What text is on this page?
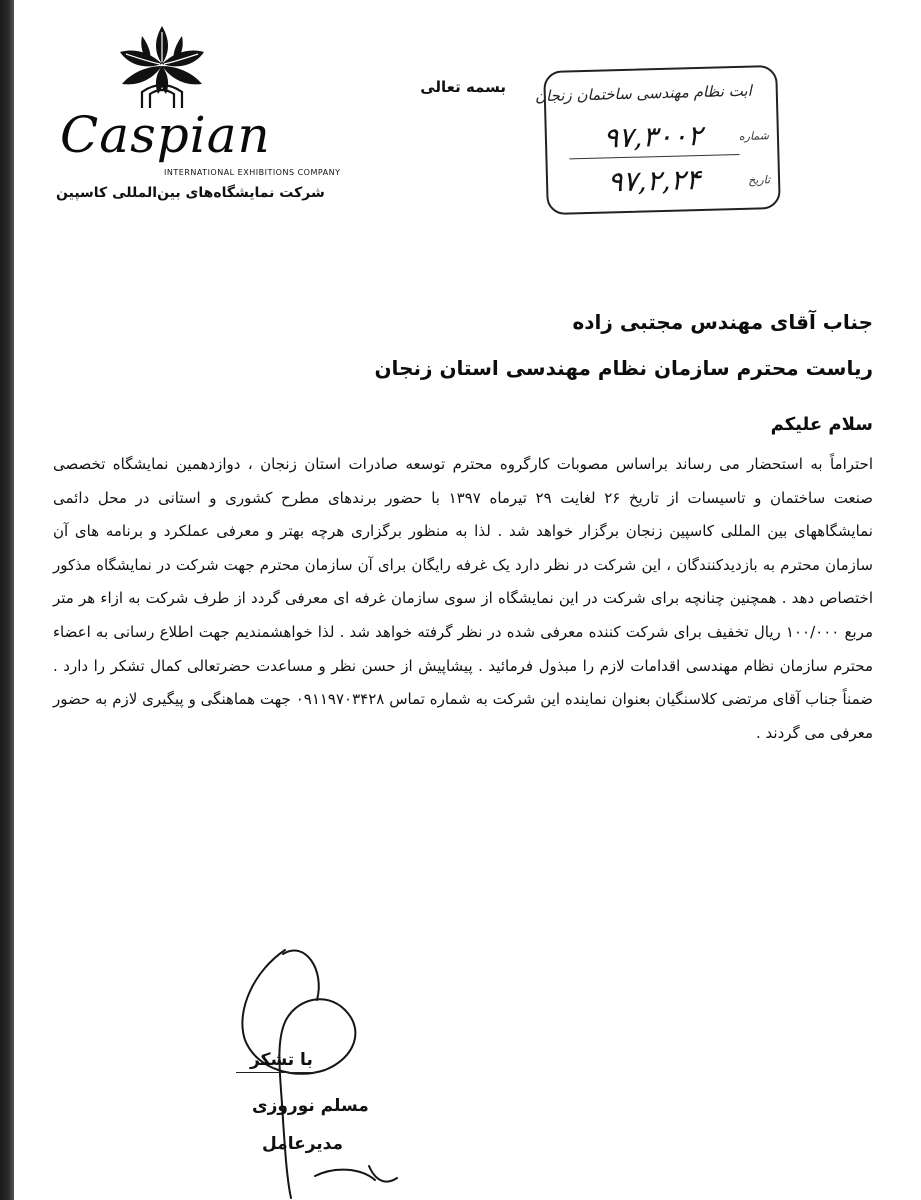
Caspian
INTERNATIONAL EXHIBITIONS COMPANY
شرکت نمایشگاه‌های بین‌المللی کاسپین
بسمه تعالی ابت نظام مهندسی ساختمان زنجان
شماره
۹۷,۳۰۰۲
تاریخ
۹۷,۲,۲۴
جناب آقای مهندس مجتبی زاده
ریاست محترم سازمان نظام مهندسی استان زنجان
سلام علیکم

احتراماً به استحضار می رساند براساس مصوبات کارگروه محترم توسعه صادرات استان زنجان ، دوازدهمین نمایشگاه تخصصی صنعت ساختمان و تاسیسات از تاریخ ۲۶ لغایت ۲۹ تیرماه ۱۳۹۷ با حضور برندهای مطرح کشوری و استانی در محل دائمی نمایشگاههای بین المللی کاسپین زنجان برگزار خواهد شد . لذا به منظور برگزاری هرچه بهتر و معرفی عملکرد و برنامه های آن سازمان محترم به بازدیدکنندگان ، این شرکت در نظر دارد یک غرفه رایگان برای آن سازمان محترم جهت شرکت در نمایشگاه مذکور اختصاص دهد . همچنین چنانچه برای شرکت در این نمایشگاه از سوی سازمان غرفه ای معرفی گردد از طرف شرکت به ازاء هر متر مربع ۱۰۰/۰۰۰ ریال تخفیف برای شرکت کننده معرفی شده در نظر گرفته خواهد شد . لذا خواهشمندیم جهت اطلاع رسانی به اعضاء محترم سازمان نظام مهندسی اقدامات لازم را مبذول فرمائید . پیشاپیش از حسن نظر و مساعدت حضرتعالی کمال تشکر را دارد . ضمناً جناب آقای مرتضی کلاسنگیان بعنوان نماینده این شرکت به شماره تماس ۰۹۱۱۹۷۰۳۴۲۸ جهت هماهنگی و پیگیری لازم به حضور معرفی می گردند .

با تشکر
مسلم نوروزی
مدیرعامل
